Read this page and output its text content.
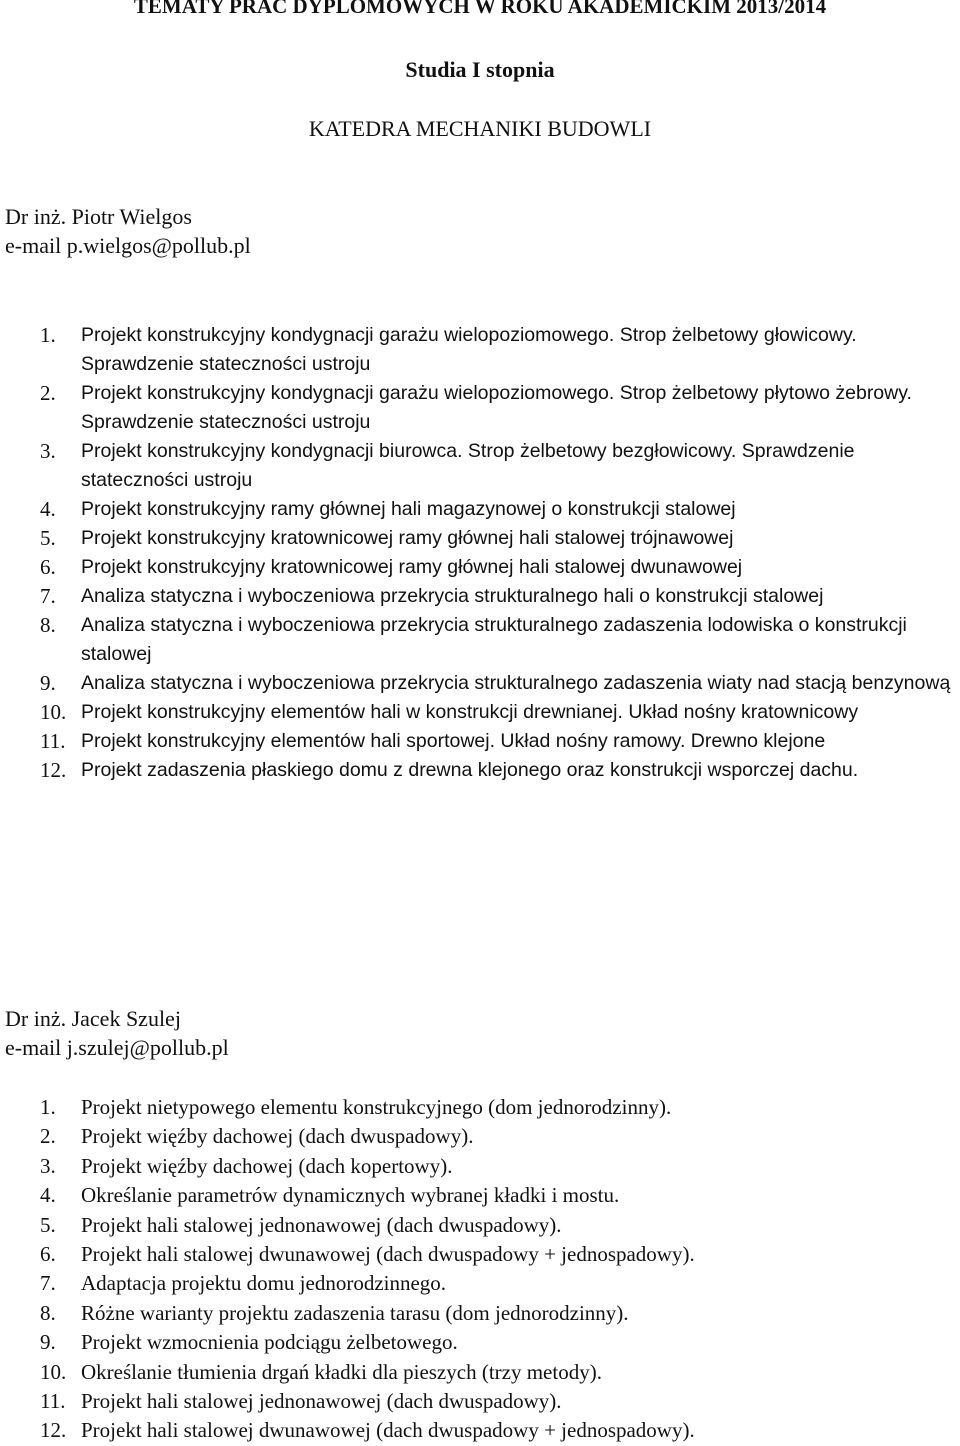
TEMATY PRAC DYPLOMOWYCH W ROKU AKADEMICKIM 2013/2014
Studia I stopnia
KATEDRA MECHANIKI BUDOWLI
Dr inż. Piotr Wielgos
e-mail p.wielgos@pollub.pl
1. Projekt konstrukcyjny kondygnacji garażu wielopoziomowego. Strop żelbetowy głowicowy. Sprawdzenie stateczności ustroju
2. Projekt konstrukcyjny kondygnacji garażu wielopoziomowego. Strop żelbetowy płytowo żebrowy. Sprawdzenie stateczności ustroju
3. Projekt konstrukcyjny kondygnacji biurowca. Strop żelbetowy bezgłowicowy. Sprawdzenie stateczności ustroju
4. Projekt konstrukcyjny ramy głównej hali magazynowej o konstrukcji stalowej
5. Projekt konstrukcyjny kratownicowej ramy głównej hali stalowej trójnawowej
6. Projekt konstrukcyjny kratownicowej ramy głównej hali stalowej dwunawowej
7. Analiza statyczna i wyboczeniowa przekrycia strukturalnego hali o konstrukcji stalowej
8. Analiza statyczna i wyboczeniowa przekrycia strukturalnego zadaszenia lodowiska o konstrukcji stalowej
9. Analiza statyczna i wyboczeniowa przekrycia strukturalnego zadaszenia wiaty nad stacją benzynową
10. Projekt konstrukcyjny elementów hali w konstrukcji drewnianej. Układ nośny kratownicowy
11. Projekt konstrukcyjny elementów hali sportowej. Układ nośny ramowy. Drewno klejone
12. Projekt zadaszenia płaskiego domu z drewna klejonego oraz konstrukcji wsporczej dachu.
Dr inż. Jacek Szulej
e-mail j.szulej@pollub.pl
1. Projekt nietypowego elementu konstrukcyjnego (dom jednorodzinny).
2. Projekt więźby dachowej (dach dwuspadowy).
3. Projekt więźby dachowej (dach kopertowy).
4. Określanie parametrów dynamicznych wybranej kładki i mostu.
5. Projekt hali stalowej jednonawowej (dach dwuspadowy).
6. Projekt hali stalowej dwunawowej (dach dwuspadowy + jednospadowy).
7. Adaptacja projektu domu jednorodzinnego.
8. Różne warianty projektu zadaszenia tarasu (dom jednorodzinny).
9. Projekt wzmocnienia podciągu żelbetowego.
10. Określanie tłumienia drgań kładki dla pieszych (trzy metody).
11. Projekt hali stalowej jednonawowej (dach dwuspadowy).
12. Projekt hali stalowej dwunawowej (dach dwuspadowy + jednospadowy).
